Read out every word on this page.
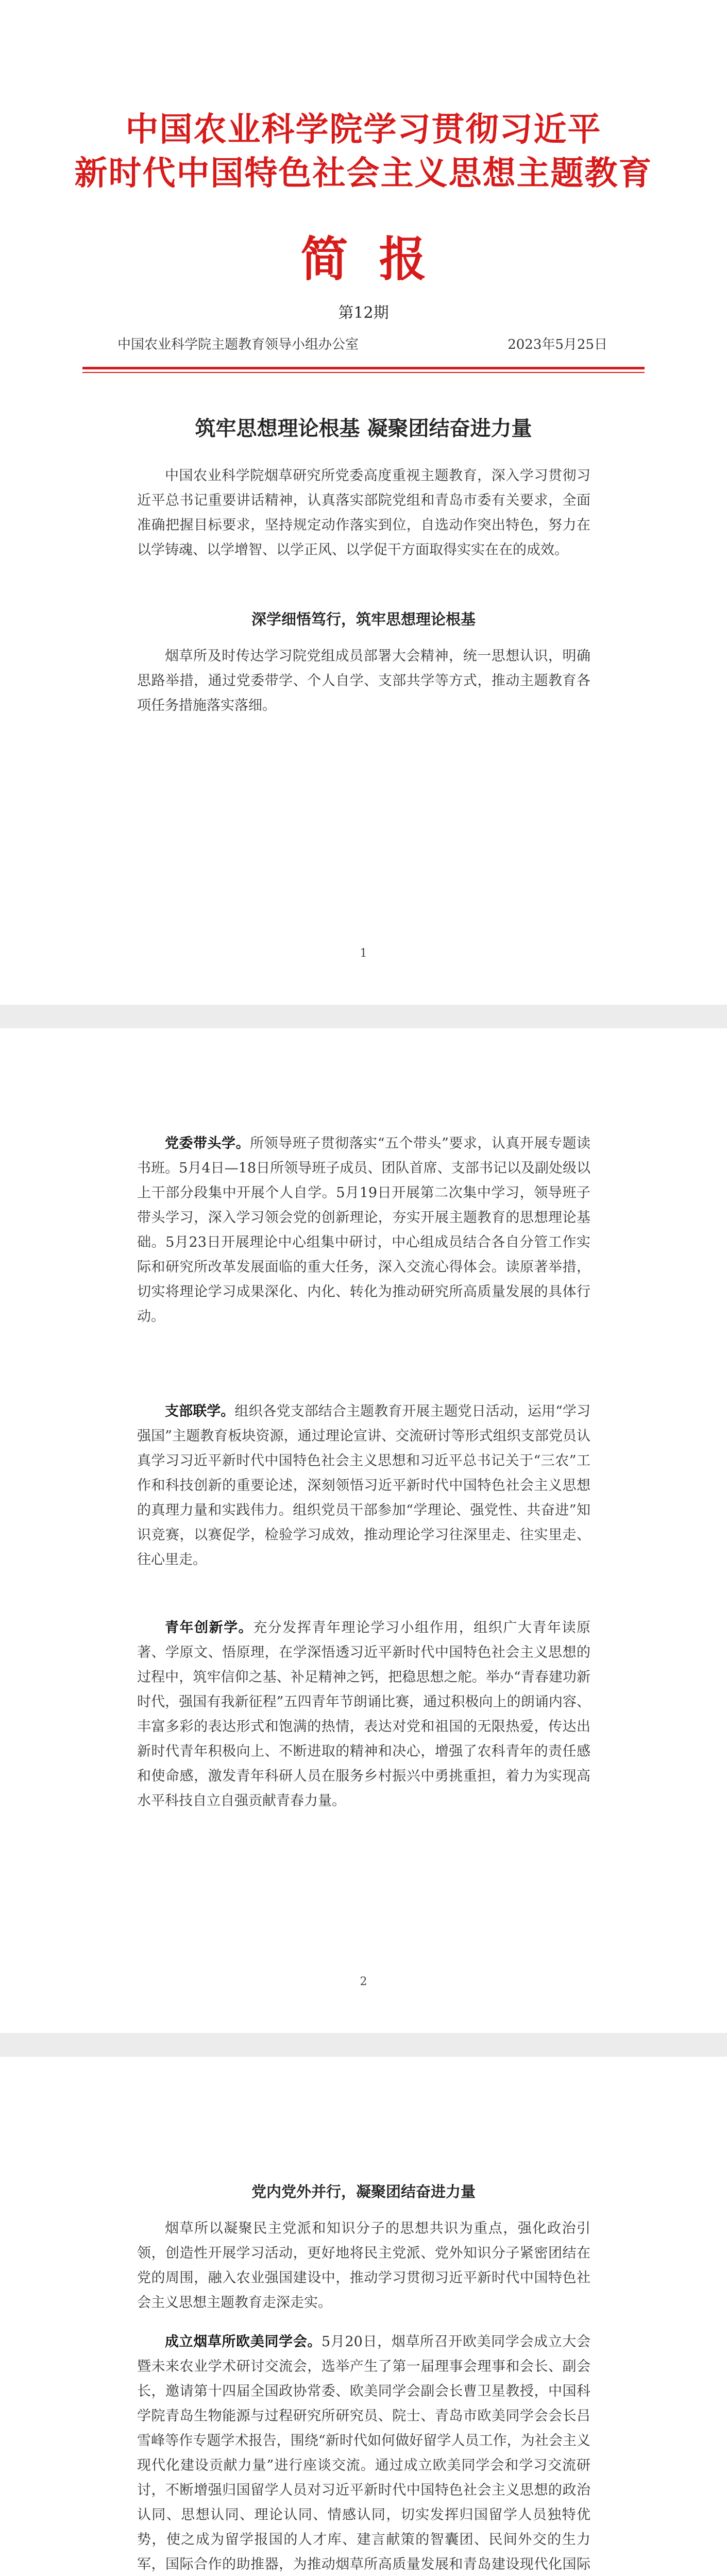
中国农业科学院学习贯彻习近平
新时代中国特色社会主义思想主题教育
简报
第12期
中国农业科学院主题教育领导小组办公室	2023年5月25日
筑牢思想理论根基 凝聚团结奋进力量

中国农业科学院烟草研究所党委高度重视主题教育，深入学习贯彻习近平总书记重要讲话精神，认真落实部院党组和青岛市委有关要求，全面准确把握目标要求，坚持规定动作落实到位，自选动作突出特色，努力在以学铸魂、以学增智、以学正风、以学促干方面取得实实在在的成效。

深学细悟笃行，筑牢思想理论根基

烟草所及时传达学习院党组成员部署大会精神，统一思想认识，明确思路举措，通过党委带学、个人自学、支部共学等方式，推动主题教育各项任务措施落实落细。

1

党委带头学。所领导班子贯彻落实“五个带头”要求，认真开展专题读书班。5月4日—18日所领导班子成员、团队首席、支部书记以及副处级以上干部分段集中开展个人自学。5月19日开展第二次集中学习，领导班子带头学习，深入学习领会党的创新理论，夯实开展主题教育的思想理论基础。5月23日开展理论中心组集中研讨，中心组成员结合各自分管工作实际和研究所改革发展面临的重大任务，深入交流心得体会。读原著举措，切实将理论学习成果深化、内化、转化为推动研究所高质量发展的具体行动。

支部联学。组织各党支部结合主题教育开展主题党日活动，运用“学习强国”主题教育板块资源，通过理论宣讲、交流研讨等形式组织支部党员认真学习习近平新时代中国特色社会主义思想和习近平总书记关于“三农”工作和科技创新的重要论述，深刻领悟习近平新时代中国特色社会主义思想的真理力量和实践伟力。组织党员干部参加“学理论、强党性、共奋进”知识竞赛，以赛促学，检验学习成效，推动理论学习往深里走、往实里走、往心里走。

青年创新学。充分发挥青年理论学习小组作用，组织广大青年读原著、学原文、悟原理，在学深悟透习近平新时代中国特色社会主义思想的过程中，筑牢信仰之基、补足精神之钙，把稳思想之舵。举办“青春建功新时代，强国有我新征程”五四青年节朗诵比赛，通过积极向上的朗诵内容、丰富多彩的表达形式和饱满的热情，表达对党和祖国的无限热爱，传达出新时代青年积极向上、不断进取的精神和决心，增强了农科青年的责任感和使命感，激发青年科研人员在服务乡村振兴中勇挑重担，着力为实现高水平科技自立自强贡献青春力量。

2
党内党外并行，凝聚团结奋进力量

烟草所以凝聚民主党派和知识分子的思想共识为重点，强化政治引领，创造性开展学习活动，更好地将民主党派、党外知识分子紧密团结在党的周围，融入农业强国建设中，推动学习贯彻习近平新时代中国特色社会主义思想主题教育走深走实。

成立烟草所欧美同学会。5月20日，烟草所召开欧美同学会成立大会暨未来农业学术研讨交流会，选举产生了第一届理事会理事和会长、副会长，邀请第十四届全国政协常委、欧美同学会副会长曹卫星教授，中国科学院青岛生物能源与过程研究所研究员、院士、青岛市欧美同学会会长吕雪峰等作专题学术报告，围绕“新时代如何做好留学人员工作，为社会主义现代化建设贡献力量”进行座谈交流。通过成立欧美同学会和学习交流研讨，不断增强归国留学人员对习近平新时代中国特色社会主义思想的政治认同、思想认同、理论认同、情感认同，切实发挥归国留学人员独特优势，使之成为留学报国的人才库、建言献策的智囊团、民间外交的生力军，国际合作的助推器，为推动烟草所高质量发展和青岛建设现代化国际
